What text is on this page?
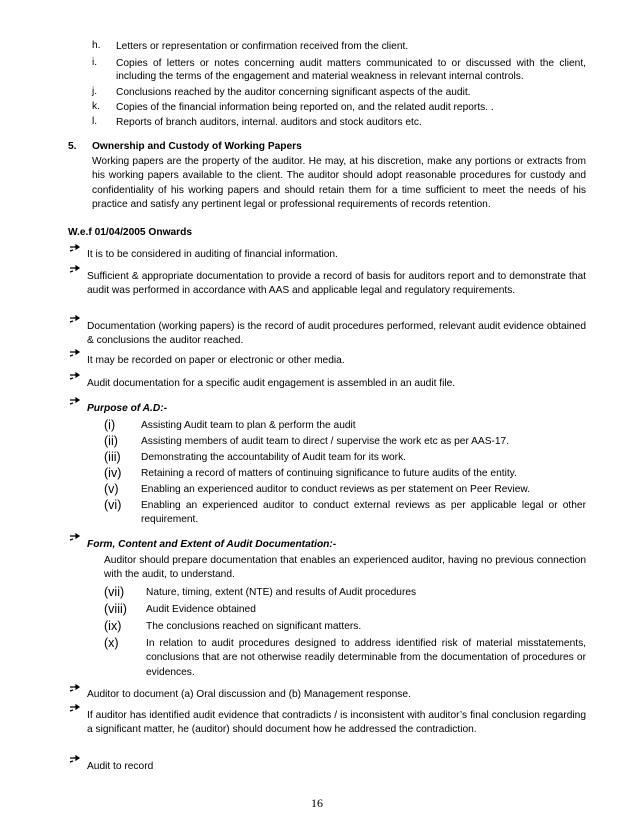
h. Letters or representation or confirmation received from the client.
i. Copies of letters or notes concerning audit matters communicated to or discussed with the client, including the terms of the engagement and material weakness in relevant internal controls.
j. Conclusions reached by the auditor concerning significant aspects of the audit.
k. Copies of the financial information being reported on, and the related audit reports. .
l. Reports of branch auditors, internal. auditors and stock auditors etc.
5. Ownership and Custody of Working Papers
Working papers are the property of the auditor. He may, at his discretion, make any portions or extracts from his working papers available to the client. The auditor should adopt reasonable procedures for custody and confidentiality of his working papers and should retain them for a time sufficient to meet the needs of his practice and satisfy any pertinent legal or professional requirements of records retention.
W.e.f 01/04/2005 Onwards
It is to be considered in auditing of financial information.
Sufficient & appropriate documentation to provide a record of basis for auditors report and to demonstrate that audit was performed in accordance with AAS and applicable legal and regulatory requirements.
Documentation (working papers) is the record of audit procedures performed, relevant audit evidence obtained & conclusions the auditor reached.
It may be recorded on paper or electronic or other media.
Audit documentation for a specific audit engagement is assembled in an audit file.
Purpose of A.D:-
(i)	Assisting Audit team to plan & perform the audit
(ii) Assisting members of audit team to direct / supervise the work etc as per AAS-17.
(iii) Demonstrating the accountability of Audit team for its work.
(iv) Retaining a record of matters of continuing significance to future audits of the entity.
(v) Enabling an experienced auditor to conduct reviews as per statement on Peer Review.
(vi) Enabling an experienced auditor to conduct external reviews as per applicable legal or other requirement.
Form, Content and Extent of Audit Documentation:-
Auditor should prepare documentation that enables an experienced auditor, having no previous connection with the audit, to understand.
(vii) Nature, timing, extent (NTE) and results of Audit procedures
(viii) Audit Evidence obtained
(ix) The conclusions reached on significant matters.
(x)	In relation to audit procedures designed to address identified risk of material misstatements, conclusions that are not otherwise readily determinable from the documentation of procedures or evidences.
Auditor to document (a) Oral discussion and (b) Management response.
If auditor has identified audit evidence that contradicts / is inconsistent with auditor’s final conclusion regarding a significant matter, he (auditor) should document how he addressed the contradiction.
Audit to record
16
